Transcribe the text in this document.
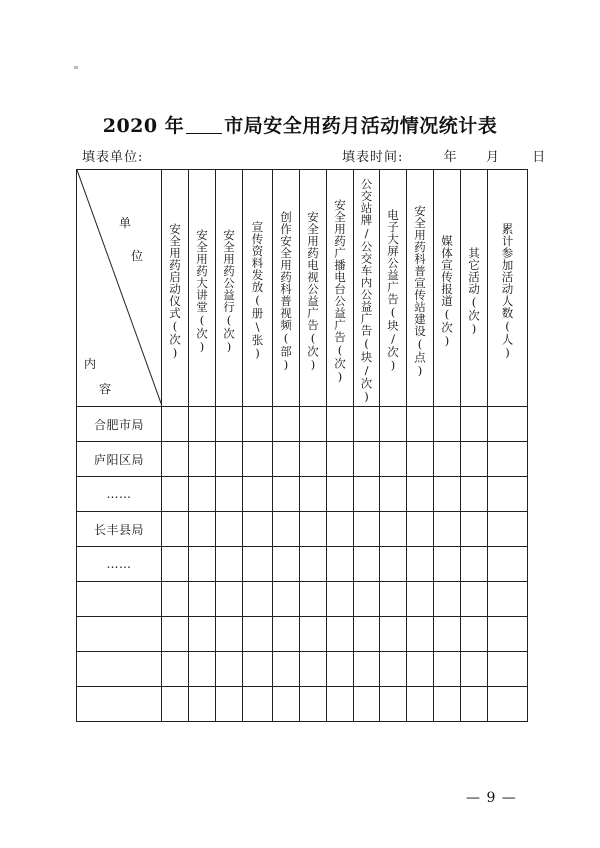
2020 年 市局安全用药月活动情况统计表
填表单位:	填表时间:	年 月 日
单
位
内
容	安全用药启动仪式(次)	安全用药大讲堂(次)	安全用药公益行(次)	宣传资料发放(册\张)	创作安全用药科普视频(部)	安全用药电视公益广告(次)	安全用药广播电台公益广告(次)	公交站牌/公交车内公益广告(块/次)	电子大屏公益广告(块/次)	安全用药科普宣传站建设(点)	媒体宣传报道(次)	其它活动(次)	累计参加活动人数(人)

合肥市局													
庐阳区局													
……													
长丰县局													
……													

— 9 —
